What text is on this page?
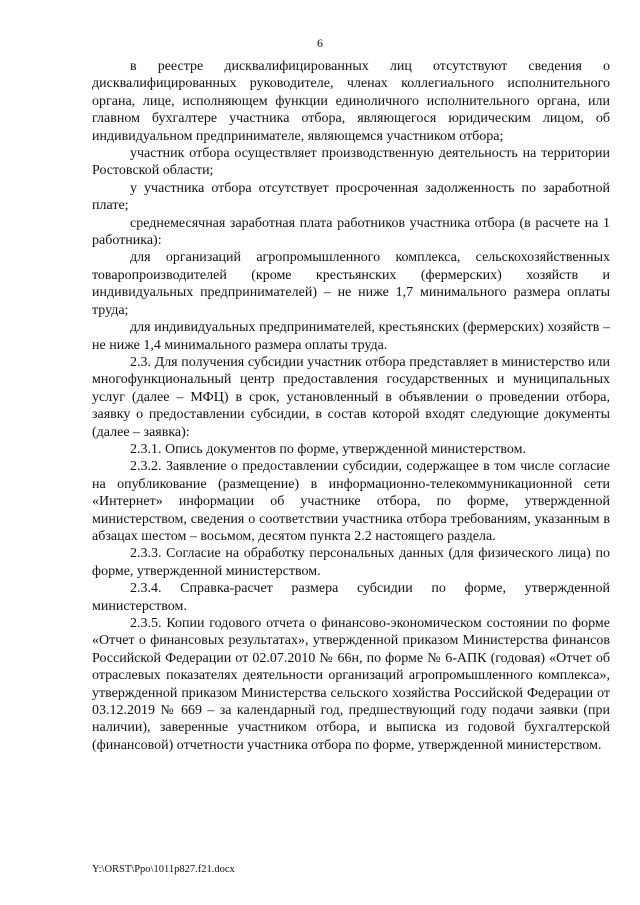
6

в реестре дисквалифицированных лиц отсутствуют сведения о дисквалифицированных руководителе, членах коллегиального исполнительного органа, лице, исполняющем функции единоличного исполнительного органа, или главном бухгалтере участника отбора, являющегося юридическим лицом, об индивидуальном предпринимателе, являющемся участником отбора;

участник отбора осуществляет производственную деятельность на территории Ростовской области;

у участника отбора отсутствует просроченная задолженность по заработной плате;

среднемесячная заработная плата работников участника отбора (в расчете на 1 работника):

для организаций агропромышленного комплекса, сельскохозяйственных товаропроизводителей (кроме крестьянских (фермерских) хозяйств и индивидуальных предпринимателей) – не ниже 1,7 минимального размера оплаты труда;

для индивидуальных предпринимателей, крестьянских (фермерских) хозяйств – не ниже 1,4 минимального размера оплаты труда.

2.3. Для получения субсидии участник отбора представляет в министерство или многофункциональный центр предоставления государственных и муниципальных услуг (далее – МФЦ) в срок, установленный в объявлении о проведении отбора, заявку о предоставлении субсидии, в состав которой входят следующие документы (далее – заявка):

2.3.1. Опись документов по форме, утвержденной министерством.

2.3.2. Заявление о предоставлении субсидии, содержащее в том числе согласие на опубликование (размещение) в информационно-телекоммуникационной сети «Интернет» информации об участнике отбора, по форме, утвержденной министерством, сведения о соответствии участника отбора требованиям, указанным в абзацах шестом – восьмом, десятом пункта 2.2 настоящего раздела.

2.3.3. Согласие на обработку персональных данных (для физического лица) по форме, утвержденной министерством.

2.3.4. Справка-расчет размера субсидии по форме, утвержденной министерством.

2.3.5. Копии годового отчета о финансово-экономическом состоянии по форме «Отчет о финансовых результатах», утвержденной приказом Министерства финансов Российской Федерации от 02.07.2010 № 66н, по форме № 6-АПК (годовая) «Отчет об отраслевых показателях деятельности организаций агропромышленного комплекса», утвержденной приказом Министерства сельского хозяйства Российской Федерации от 03.12.2019 № 669 – за календарный год, предшествующий году подачи заявки (при наличии), заверенные участником отбора, и выписка из годовой бухгалтерской (финансовой) отчетности участника отбора по форме, утвержденной министерством.

Y:\ORST\Ppo\1011p827.f21.docx
